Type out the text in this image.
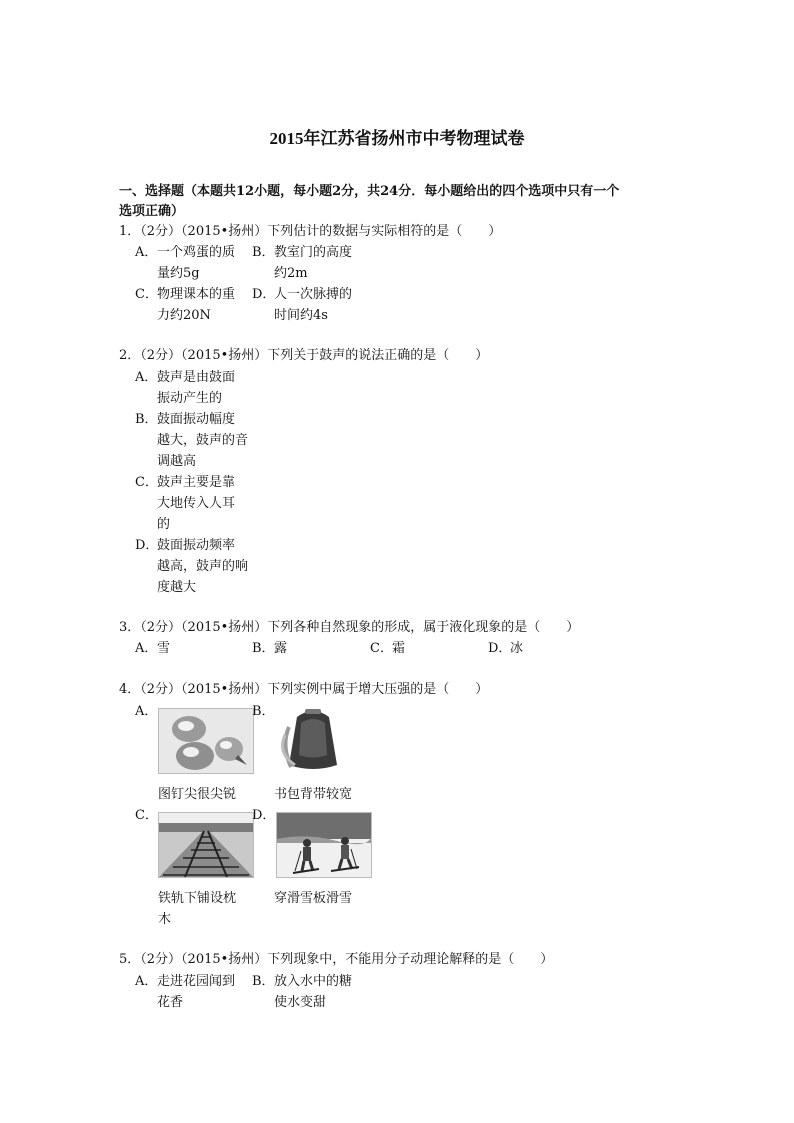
2015年江苏省扬州市中考物理试卷
一、选择题（本题共12小题，每小题2分，共24分．每小题给出的四个选项中只有一个
选项正确）
1．（2分）（2015•扬州）下列估计的数据与实际相符的是（　　）
A． 一个鸡蛋的质
量约5g
B． 教室门的高度
约2m
C． 物理课本的重
力约20N
D．
人一次脉搏的
时间约4s
2．（2分）（2015•扬州）下列关于鼓声的说法正确的是（　　）
A． 鼓声是由鼓面
振动产生的
B． 鼓面振动幅度
越大，鼓声的音
调越高
C． 鼓声主要是靠
大地传入人耳
的
D．
鼓面振动频率
越高，鼓声的响
度越大
3．（2分）（2015•扬州）下列各种自然现象的形成，属于液化现象的是（　　）
A． 雪	B． 露	C． 霜	D．
冰
4．（2分）（2015•扬州）下列实例中属于增大压强的是（　　）
A．
图钉尖很尖锐
B．
书包背带较宽
C．
铁轨下铺设枕
木
D．
穿滑雪板滑雪
5．（2分）（2015•扬州）下列现象中，不能用分子动理论解释的是（　　）
A． 走进花园闻到
花香
B． 放入水中的糖
使水变甜
